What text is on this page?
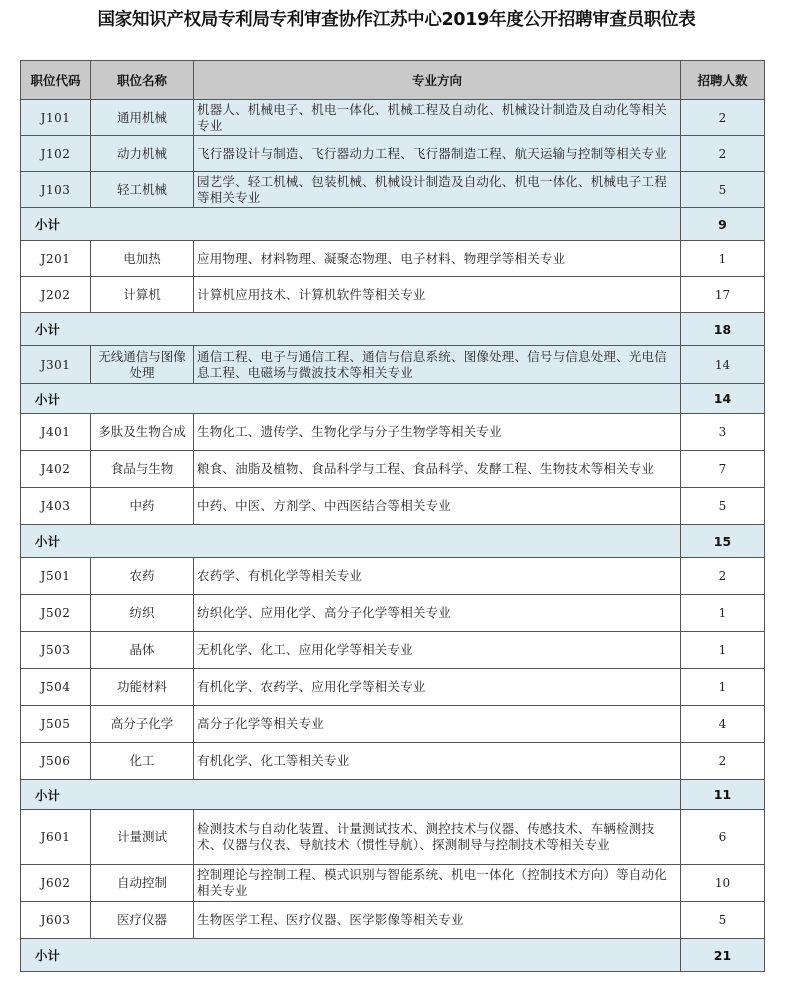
国家知识产权局专利局专利审查协作江苏中心2019年度公开招聘审查员职位表
职位代码	职位名称	专业方向	招聘人数
J101	通用机械	机器人、机械电子、机电一体化、机械工程及自动化、机械设计制造及自动化等相关专业	2
J102	动力机械	飞行器设计与制造、飞行器动力工程、飞行器制造工程、航天运输与控制等相关专业	2
J103	轻工机械	园艺学、轻工机械、包装机械、机械设计制造及自动化、机电一体化、机械电子工程等相关专业	5
小计			9
J201	电加热	应用物理、材料物理、凝聚态物理、电子材料、物理学等相关专业	1
J202	计算机	计算机应用技术、计算机软件等相关专业	17
小计			18
J301	无线通信与图像处理	通信工程、电子与通信工程、通信与信息系统、图像处理、信号与信息处理、光电信息工程、电磁场与微波技术等相关专业	14
小计			14
J401	多肽及生物合成	生物化工、遗传学、生物化学与分子生物学等相关专业	3
J402	食品与生物	粮食、油脂及植物、食品科学与工程、食品科学、发酵工程、生物技术等相关专业	7
J403	中药	中药、中医、方剂学、中西医结合等相关专业	5
小计			15
J501	农药	农药学、有机化学等相关专业	2
J502	纺织	纺织化学、应用化学、高分子化学等相关专业	1
J503	晶体	无机化学、化工、应用化学等相关专业	1
J504	功能材料	有机化学、农药学、应用化学等相关专业	1
J505	高分子化学	高分子化学等相关专业	4
J506	化工	有机化学、化工等相关专业	2
小计			11
J601	计量测试	检测技术与自动化装置、计量测试技术、测控技术与仪器、传感技术、车辆检测技术、仪器与仪表、导航技术（惯性导航）、探测制导与控制技术等相关专业	6
J602	自动控制	控制理论与控制工程、模式识别与智能系统、机电一体化（控制技术方向）等自动化相关专业	10
J603	医疗仪器	生物医学工程、医疗仪器、医学影像等相关专业	5
小计			21
